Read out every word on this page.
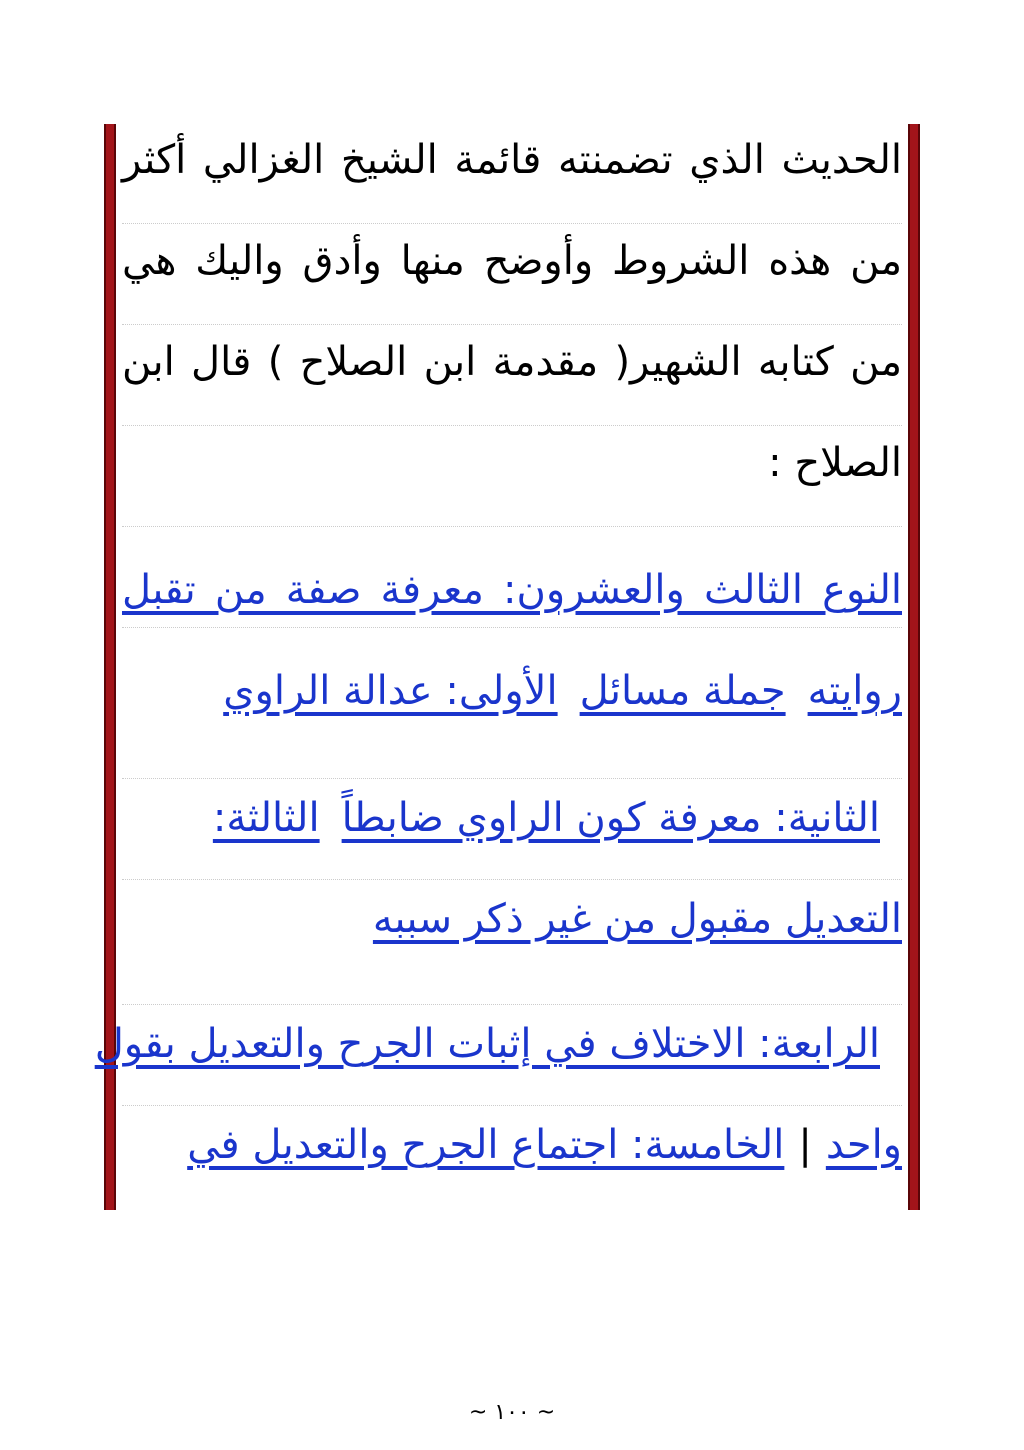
الحديث الذي تضمنته قائمة الشيخ الغزالي أكثر
من هذه الشروط وأوضح منها وأدق واليك هي
من كتابه الشهير( مقدمة ابن الصلاح ) قال ابن
الصلاح :
النوع الثالث والعشرون: معرفة صفة من تقبل
روايتهجملة مسائلالأولى: عدالة الراوي
الثانية: معرفة كون الراوي ضابطاًالثالثة:
التعديل مقبول من غير ذكر سببه
الرابعة: الاختلاف في إثبات الجرح والتعديل بقول
واحد|الخامسة: اجتماع الجرح والتعديل في
~ ١٠٠ ~
